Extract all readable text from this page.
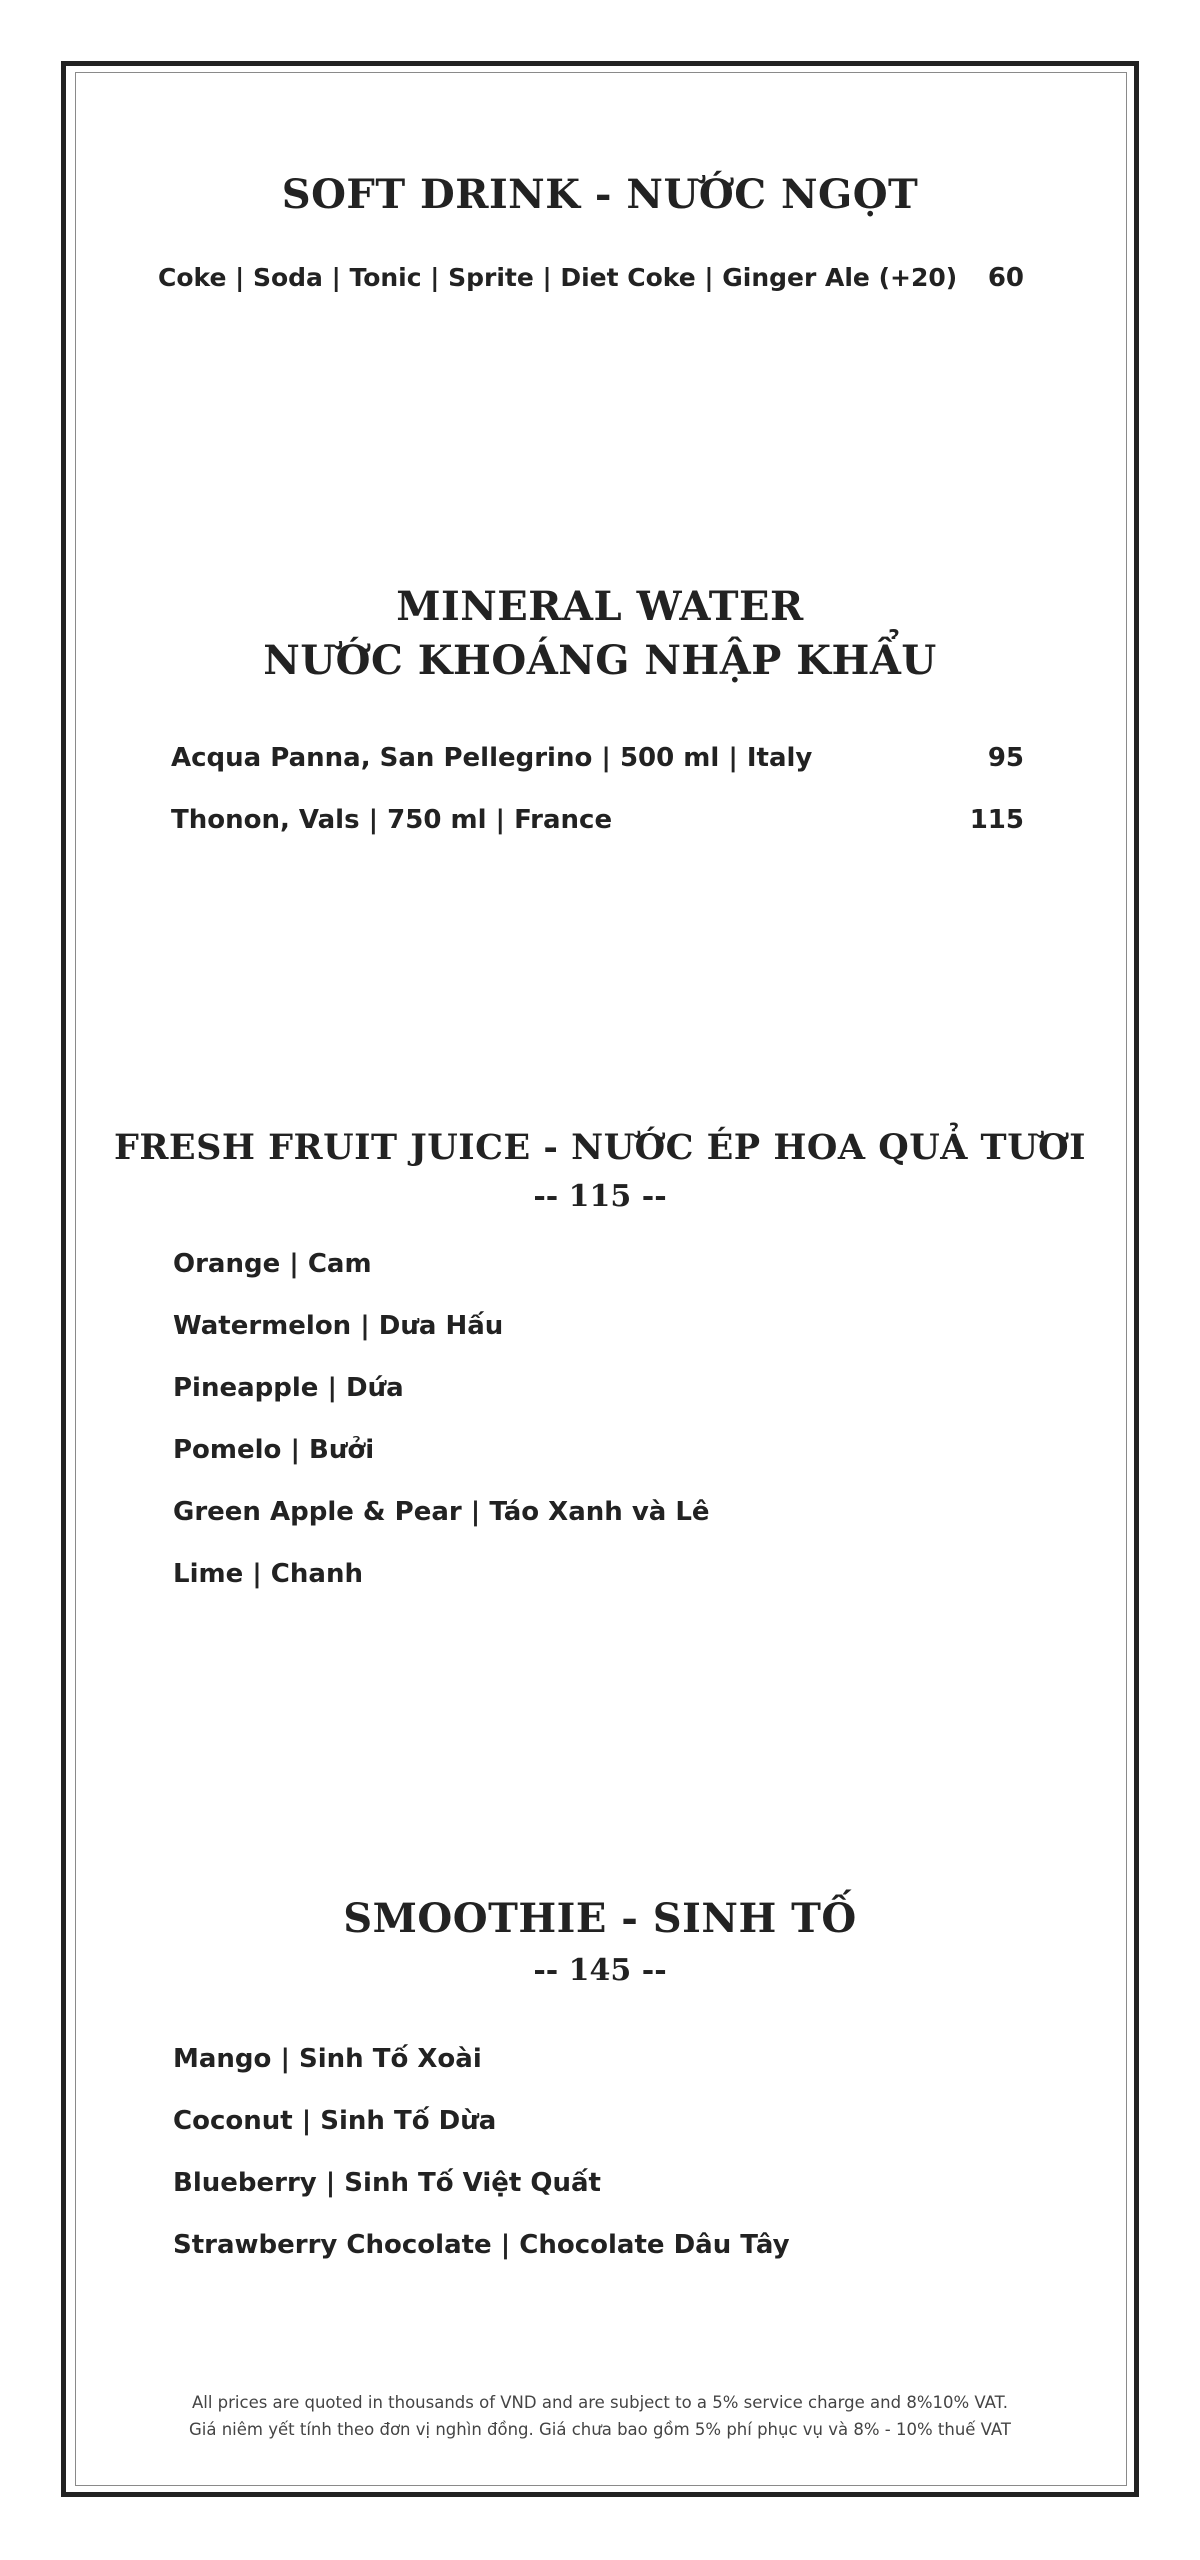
SOFT DRINK - NƯỚC NGỌT
Coke | Soda | Tonic | Sprite | Diet Coke | Ginger Ale (+20) 60
MINERAL WATER
NƯỚC KHOÁNG NHẬP KHẨU
Acqua Panna, San Pellegrino | 500 ml | Italy	95
Thonon, Vals | 750 ml | France	115
FRESH FRUIT JUICE - NƯỚC ÉP HOA QUẢ TƯƠI
-- 115 --
Orange | Cam
Watermelon | Dưa Hấu
Pineapple | Dứa
Pomelo | Bưởi
Green Apple & Pear | Táo Xanh và Lê
Lime | Chanh
SMOOTHIE - SINH TỐ
-- 145 --
Mango | Sinh Tố Xoài
Coconut | Sinh Tố Dừa
Blueberry | Sinh Tố Việt Quất
Strawberry Chocolate | Chocolate Dâu Tây
All prices are quoted in thousands of VND and are subject to a 5% service charge and 8%10% VAT.
Giá niêm yết tính theo đơn vị nghìn đồng. Giá chưa bao gồm 5% phí phục vụ và 8% - 10% thuế VAT
